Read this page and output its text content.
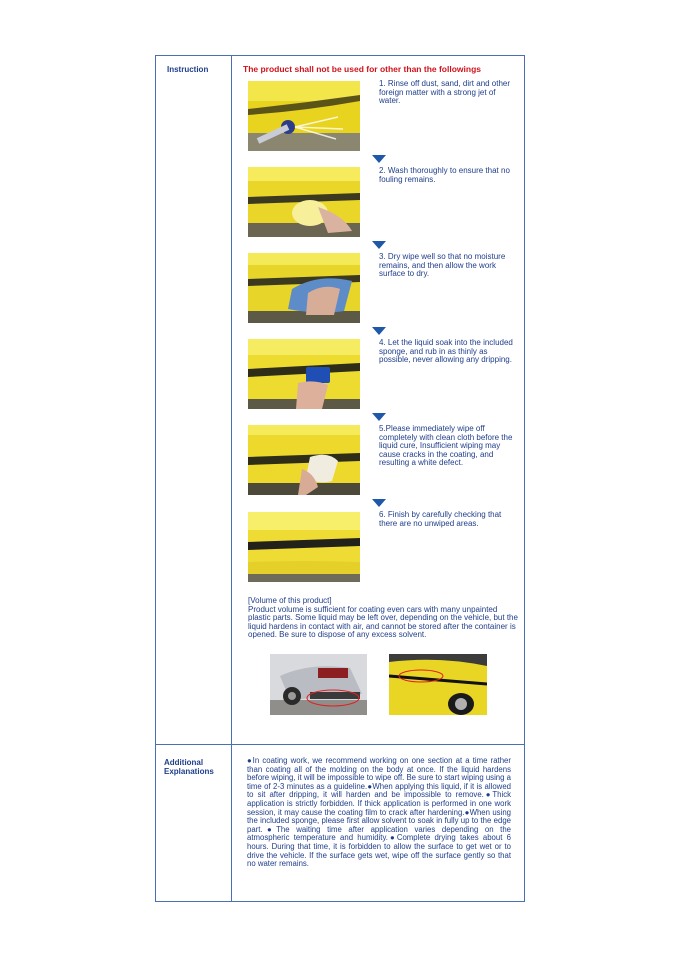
Instruction	The product shall not be used for other than the followings
1. Rinse off dust, sand, dirt and other foreign matter with a strong jet of water.
2. Wash thoroughly to ensure that no fouling remains.
3. Dry wipe well so that no moisture remains, and then allow the work surface to dry.
4. Let the liquid soak into the included sponge, and rub in as thinly as possible, never allowing any dripping.
5.Please immediately wipe off completely with clean cloth before the liquid cure, Insufficient wiping may cause cracks in the coating, and resulting a white defect.
6. Finish by carefully checking that there are no unwiped areas.
[Volume of this product]
Product volume is sufficient for coating even cars with many unpainted plastic parts. Some liquid may be left over, depending on the vehicle, but the liquid hardens in contact with air, and cannot be stored after the container is opened. Be sure to dispose of any excess solvent.
Additional
Explanations
●In coating work, we recommend working on one section at a time rather than coating all of the molding on the body at once. If the liquid hardens before wiping, it will be impossible to wipe off. Be sure to start wiping using a time of 2-3 minutes as a guideline.●When applying this liquid, if it is allowed to sit after dripping, it will harden and be impossible to remove.●Thick application is strictly forbidden. If thick application is performed in one work session, it may cause the coating film to crack after hardening.●When using the included sponge, please first allow solvent to soak in fully up to the edge part.●The waiting time after application varies depending on the atmospheric temperature and humidity.●Complete drying takes about 6 hours. During that time, it is forbidden to allow the surface to get wet or to drive the vehicle. If the surface gets wet, wipe off the surface gently so that no water remains.
